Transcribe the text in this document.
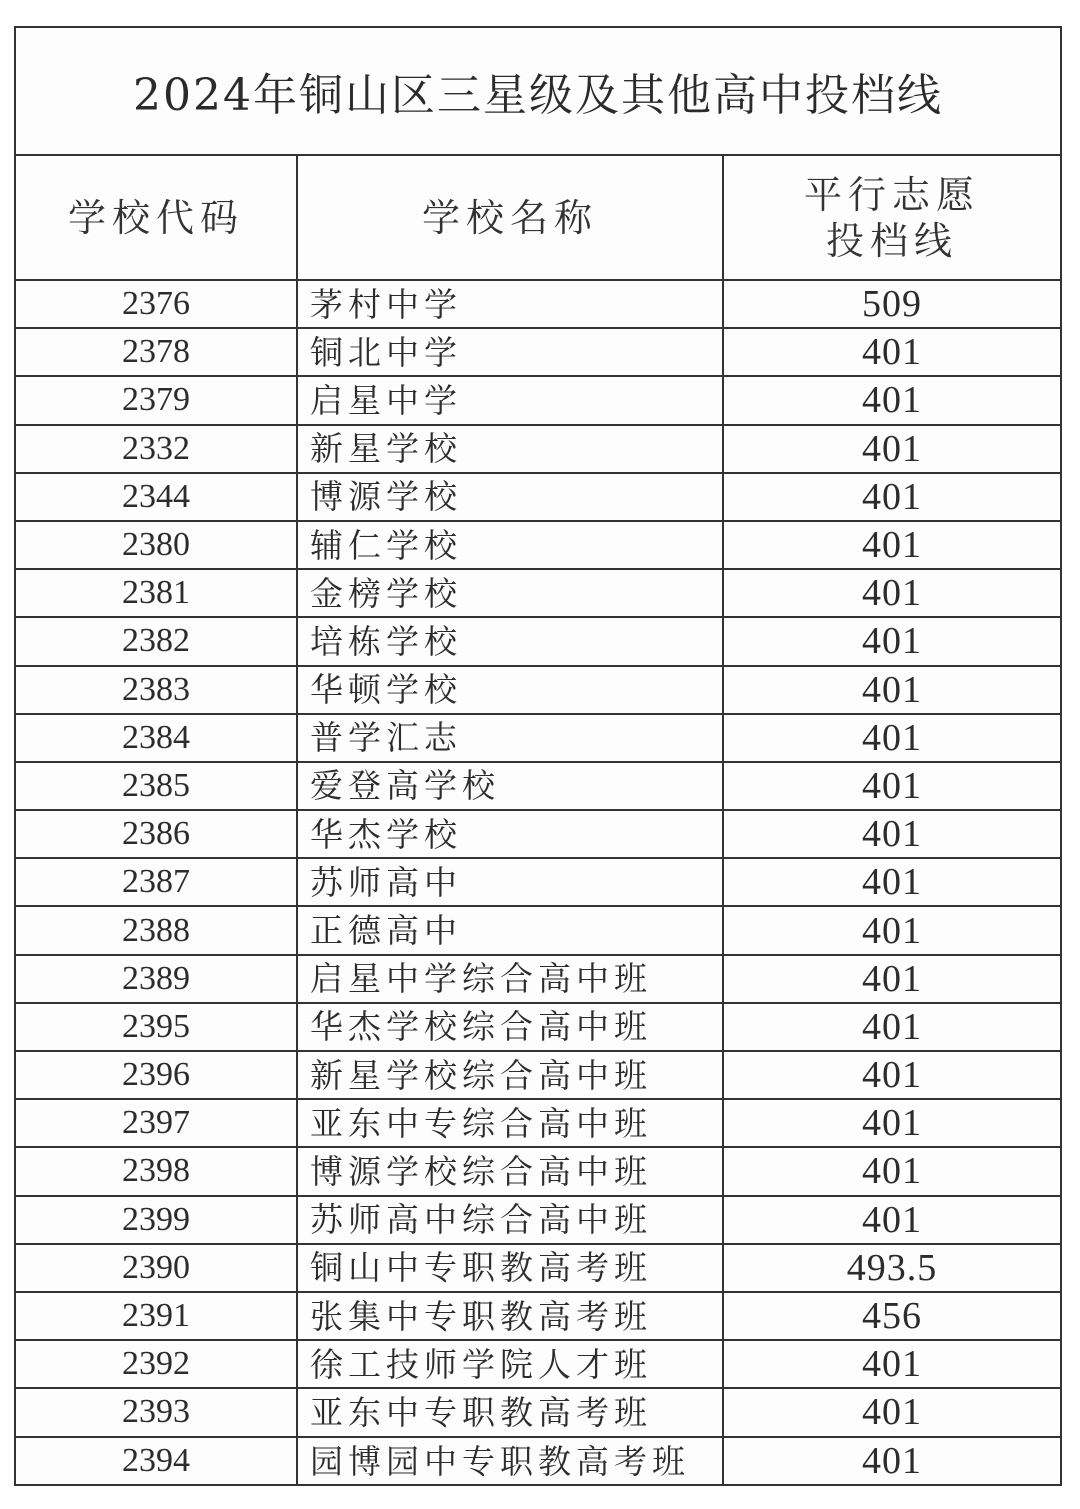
2024年铜山区三星级及其他高中投档线
学校代码	学校名称	平行志愿
投档线

2376	茅村中学	509
2378	铜北中学	401
2379	启星中学	401
2332	新星学校	401
2344	博源学校	401
2380	辅仁学校	401
2381	金榜学校	401
2382	培栋学校	401
2383	华顿学校	401
2384	普学汇志	401
2385	爱登高学校	401
2386	华杰学校	401
2387	苏师高中	401
2388	正德高中	401
2389	启星中学综合高中班	401
2395	华杰学校综合高中班	401
2396	新星学校综合高中班	401
2397	亚东中专综合高中班	401
2398	博源学校综合高中班	401
2399	苏师高中综合高中班	401
2390	铜山中专职教高考班	493.5
2391	张集中专职教高考班	456
2392	徐工技师学院人才班	401
2393	亚东中专职教高考班	401
2394	园博园中专职教高考班	401
